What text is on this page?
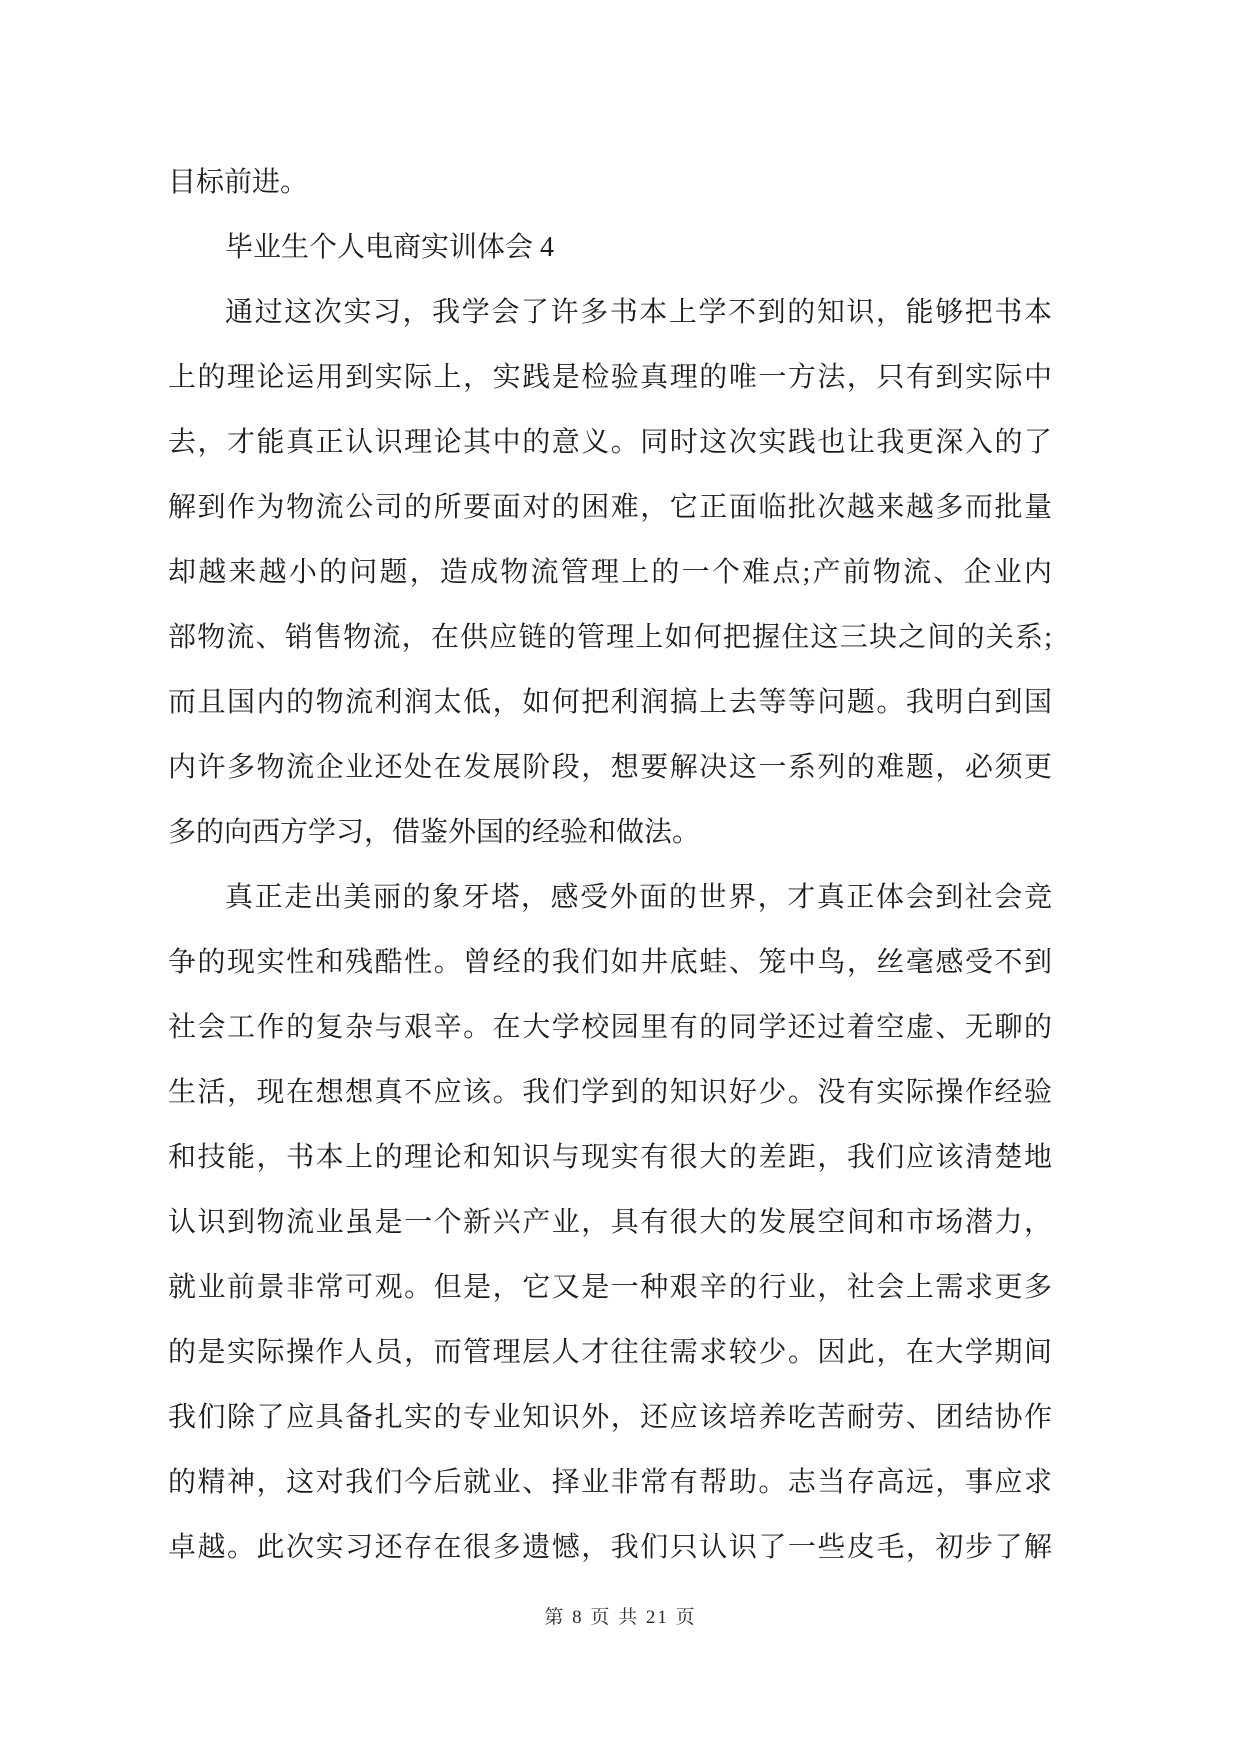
目标前进。
毕业生个人电商实训体会 4
通过这次实习，我学会了许多书本上学不到的知识，能够把书本
上的理论运用到实际上，实践是检验真理的唯一方法，只有到实际中
去，才能真正认识理论其中的意义。同时这次实践也让我更深入的了
解到作为物流公司的所要面对的困难，它正面临批次越来越多而批量
却越来越小的问题，造成物流管理上的一个难点;产前物流、企业内
部物流、销售物流，在供应链的管理上如何把握住这三块之间的关系;
而且国内的物流利润太低，如何把利润搞上去等等问题。我明白到国
内许多物流企业还处在发展阶段，想要解决这一系列的难题，必须更
多的向西方学习，借鉴外国的经验和做法。
真正走出美丽的象牙塔，感受外面的世界，才真正体会到社会竞
争的现实性和残酷性。曾经的我们如井底蛙、笼中鸟，丝毫感受不到
社会工作的复杂与艰辛。在大学校园里有的同学还过着空虚、无聊的
生活，现在想想真不应该。我们学到的知识好少。没有实际操作经验
和技能，书本上的理论和知识与现实有很大的差距，我们应该清楚地
认识到物流业虽是一个新兴产业，具有很大的发展空间和市场潜力，
就业前景非常可观。但是，它又是一种艰辛的行业，社会上需求更多
的是实际操作人员，而管理层人才往往需求较少。因此，在大学期间
我们除了应具备扎实的专业知识外，还应该培养吃苦耐劳、团结协作
的精神，这对我们今后就业、择业非常有帮助。志当存高远，事应求
卓越。此次实习还存在很多遗憾，我们只认识了一些皮毛，初步了解
第 8 页 共 21 页
